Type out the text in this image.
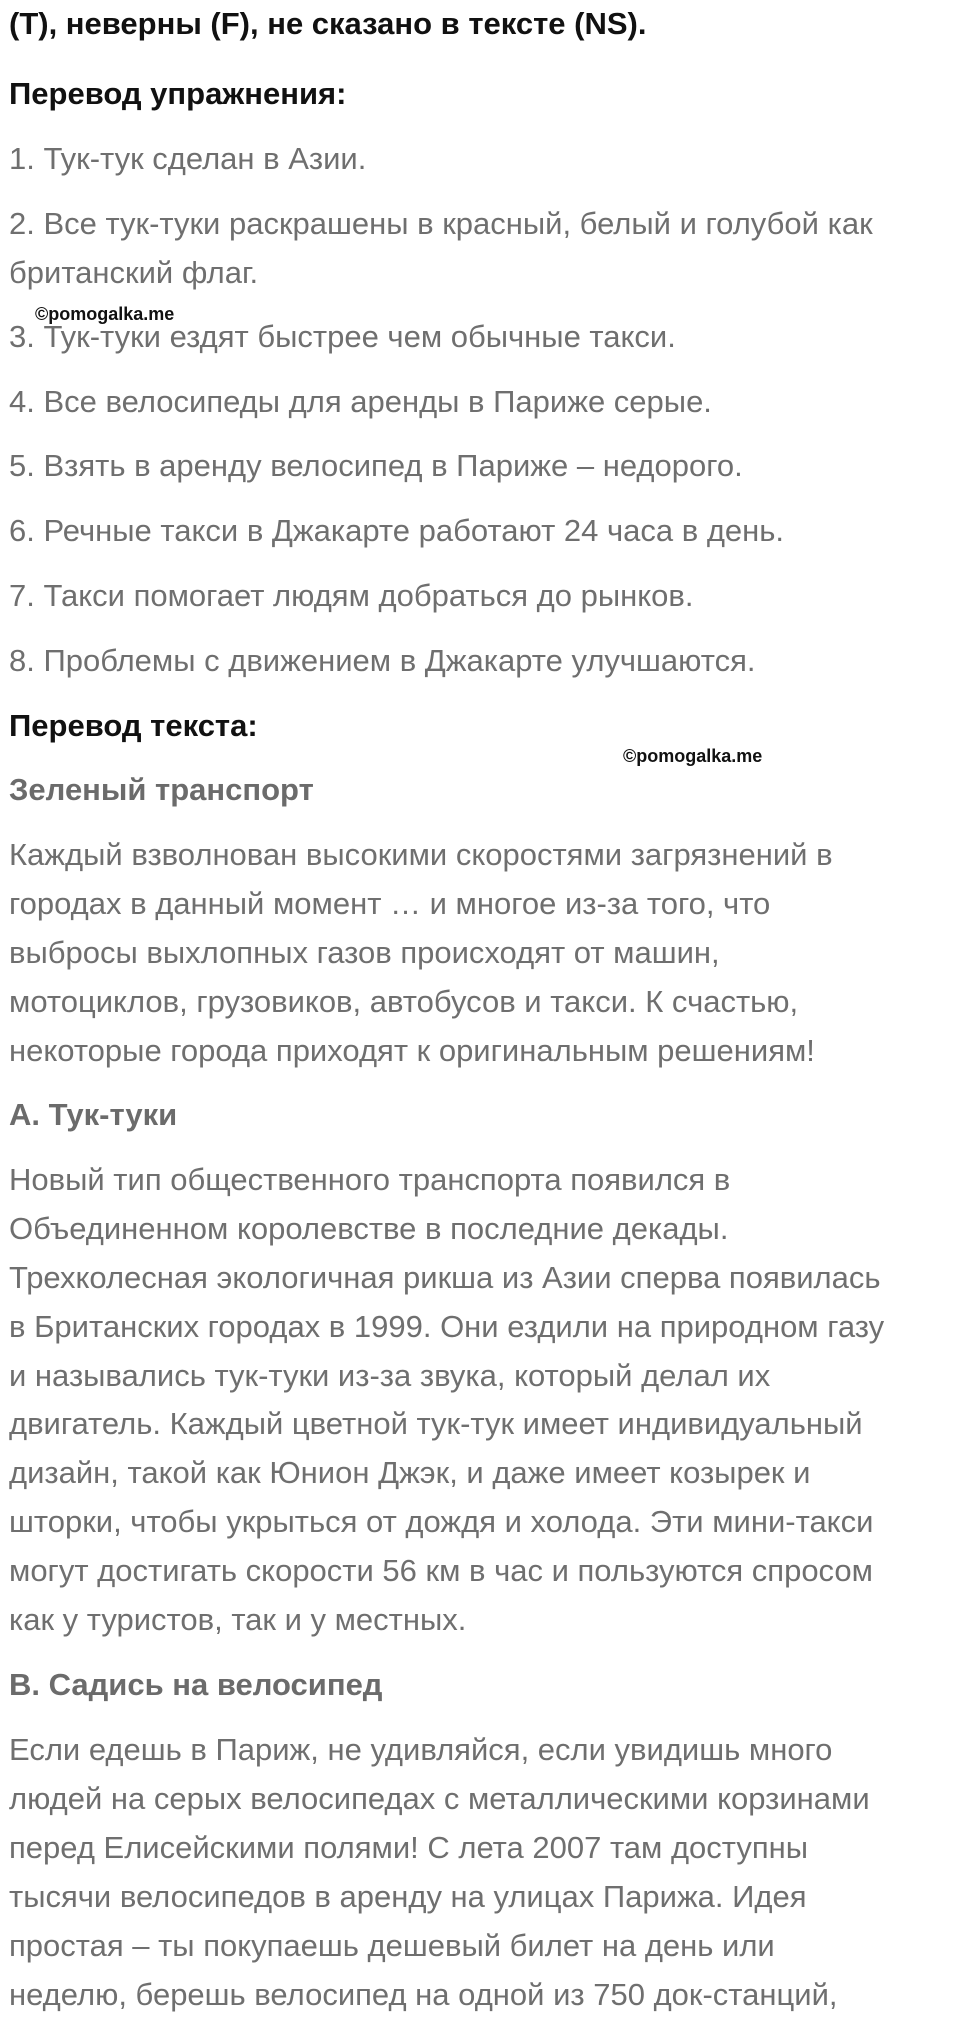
(T), неверны (F), не сказано в тексте (NS).
Перевод упражнения:
1. Тук-тук сделан в Азии.
2. Все тук-туки раскрашены в красный, белый и голубой как
британский флаг.
3. Тук-туки ездят быстрее чем обычные такси.
4. Все велосипеды для аренды в Париже серые.
5. Взять в аренду велосипед в Париже – недорого.
6. Речные такси в Джакарте работают 24 часа в день.
7. Такси помогает людям добраться до рынков.
8. Проблемы с движением в Джакарте улучшаются.
Перевод текста:
Зеленый транспорт
Каждый взволнован высокими скоростями загрязнений в
городах в данный момент … и многое из-за того, что
выбросы выхлопных газов происходят от машин,
мотоциклов, грузовиков, автобусов и такси. К счастью,
некоторые города приходят к оригинальным решениям!
A. Тук-туки
Новый тип общественного транспорта появился в
Объединенном королевстве в последние декады.
Трехколесная экологичная рикша из Азии сперва появилась
в Британских городах в 1999. Они ездили на природном газу
и назывались тук-туки из-за звука, который делал их
двигатель. Каждый цветной тук-тук имеет индивидуальный
дизайн, такой как Юнион Джэк, и даже имеет козырек и
шторки, чтобы укрыться от дождя и холода. Эти мини-такси
могут достигать скорости 56 км в час и пользуются спросом
как у туристов, так и у местных.
B. Садись на велосипед
Если едешь в Париж, не удивляйся, если увидишь много
людей на серых велосипедах с металлическими корзинами
перед Елисейскими полями! С лета 2007 там доступны
тысячи велосипедов в аренду на улицах Парижа. Идея
простая – ты покупаешь дешевый билет на день или
неделю, берешь велосипед на одной из 750 док-станций,
©pomogalka.me
©pomogalka.me
